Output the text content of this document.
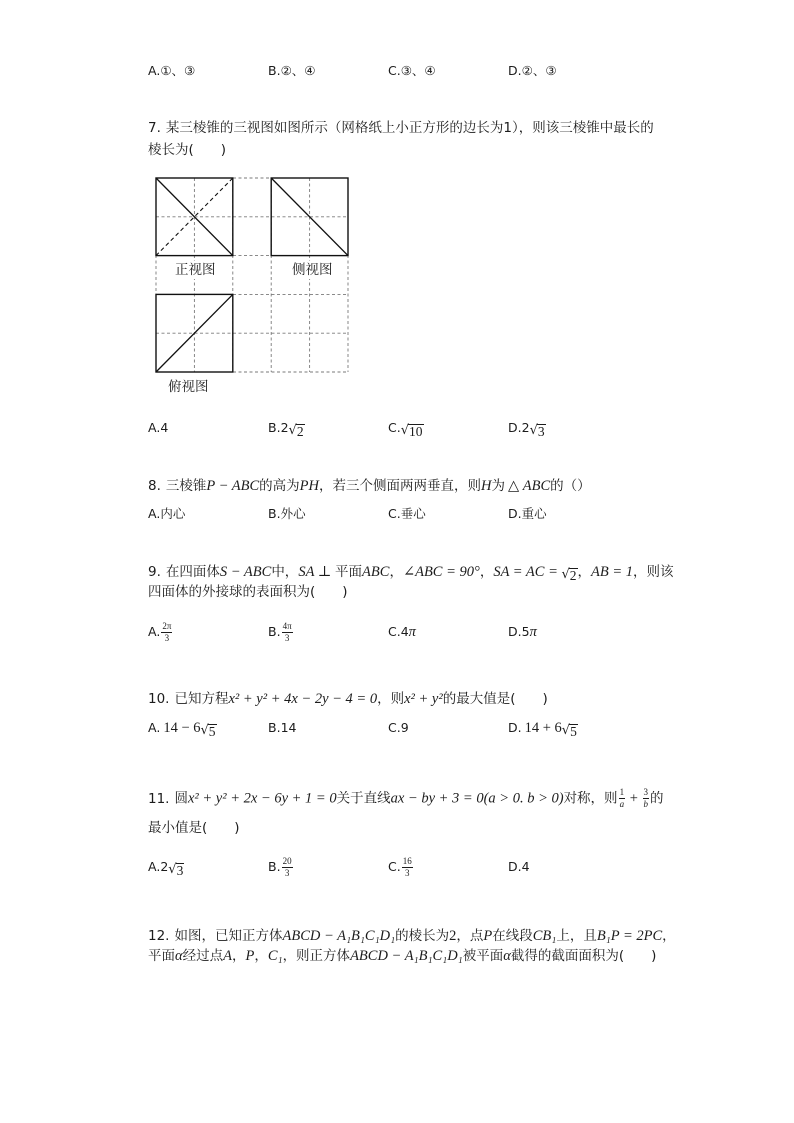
A.①、③	B.②、④	C.③、④	D.②、③
7. 某三棱锥的三视图如图所示（网格纸上小正方形的边长为1），则该三棱锥中最长的
棱长为(　　)
正视图	侧视图
俯视图
A.4	B.2 √ 2	C. √ 10	D.2 √ 3
8. 三棱锥P − ABC的高为PH，若三个侧面两两垂直，则H为 △ ABC的（）
A.内心	B.外心	C.垂心	D.重心
9. 在四面体S − ABC中，SA ⊥ 平面ABC，∠ABC = 90°，SA = AC = √ 2 ，AB = 1，则该
四面体的外接球的表面积为(　　)
A. $\frac{2\pi}{3}$	B. $\frac{4\pi}{3}$	C.4π	D.5π
10. 已知方程x² + y² + 4x − 2y − 4 = 0，则x² + y²的最大值是(　　)
A. 14 − 6 √ 5	B.14	C.9	D. 14 + 6 √ 5
11. 圆x² + y² + 2x − 6y + 1 = 0关于直线ax − by + 3 = 0(a > 0. b > 0)对称，则 $\frac{1}{a} + \frac{3}{b}$ 的
最小值是(　　)
A.2 √ 3	B. $\frac{20}{3}$	C. $\frac{16}{3}$	D.4
12. 如图，已知正方体ABCD − A₁B₁C₁D₁的棱长为2，点P在线段CB₁上，且B₁P = 2PC，
平面α经过点A，P，C₁，则正方体ABCD − A₁B₁C₁D₁被平面α截得的截面面积为(　　)
